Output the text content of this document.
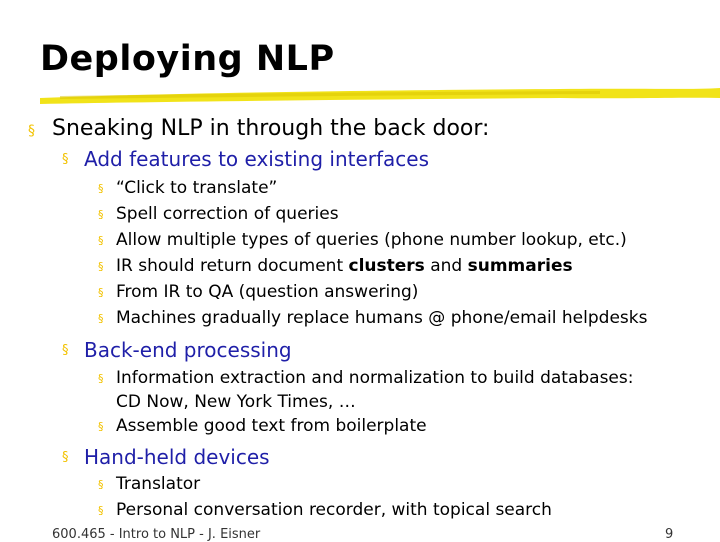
Deploying NLP
§ Sneaking NLP in through the back door:
§ Add features to existing interfaces
§ “Click to translate”
§ Spell correction of queries
§ Allow multiple types of queries (phone number lookup, etc.)
§ IR should return document clusters and summaries
§ From IR to QA (question answering)
§ Machines gradually replace humans @ phone/email helpdesks
§ Back-end processing
§ Information extraction and normalization to build databases:
CD Now, New York Times, …
§ Assemble good text from boilerplate
§ Hand-held devices
§ Translator
§ Personal conversation recorder, with topical search
600.465 - Intro to NLP - J. Eisner	9
